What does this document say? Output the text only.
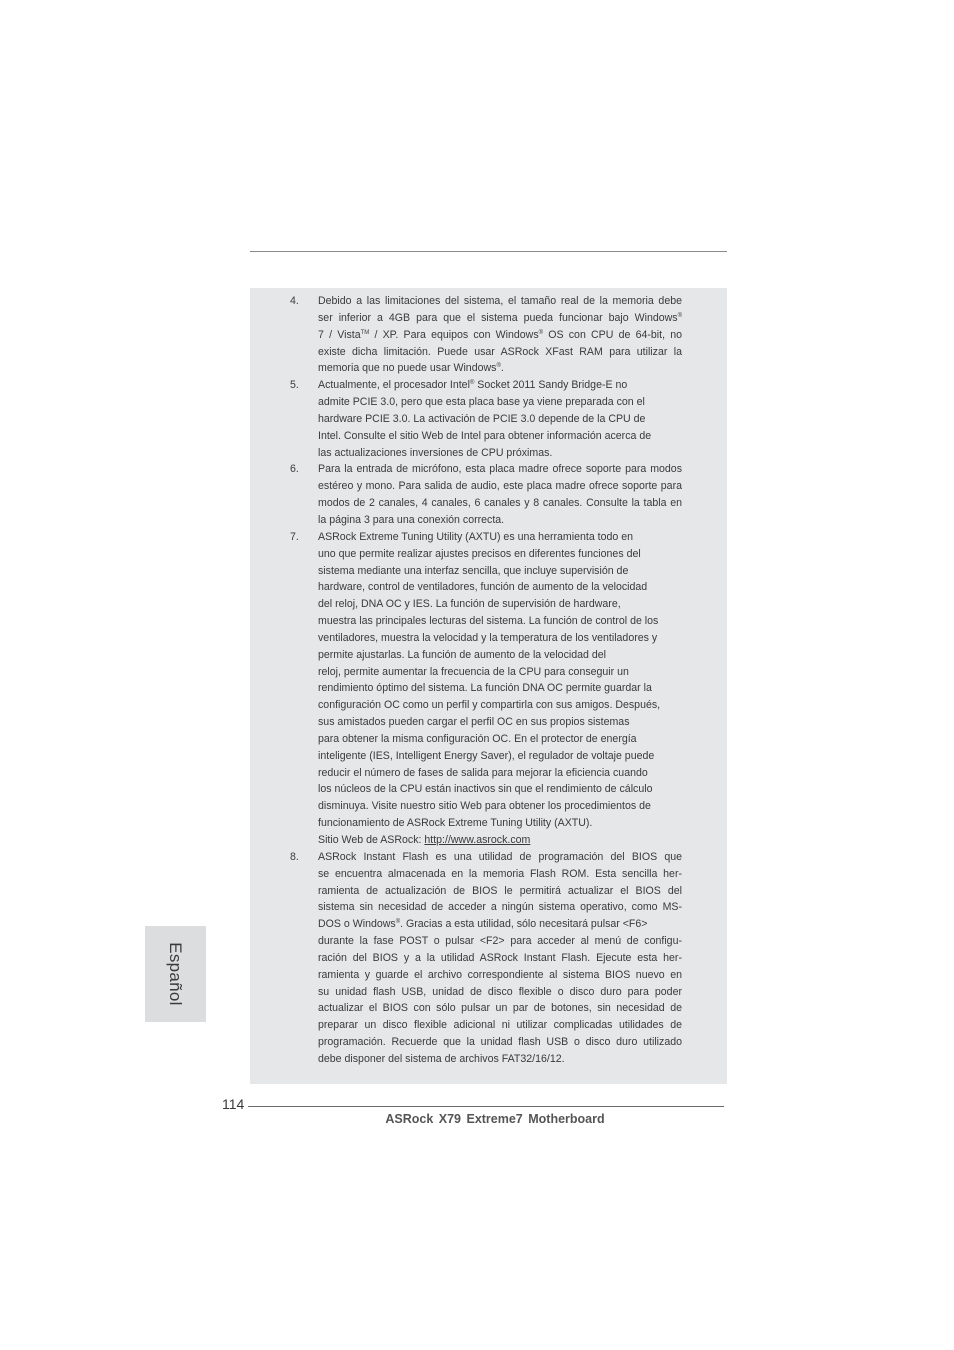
4.	Debido a las limitaciones del sistema, el tamaño real de la memoria debe
ser inferior a 4GB para que el sistema pueda funcionar bajo Windows®
7 / Vista™ / XP. Para equipos con Windows® OS con CPU de 64-bit, no
existe dicha limitación. Puede usar ASRock XFast RAM para utilizar la
memoria que no puede usar Windows®.
5.	Actualmente, el procesador Intel® Socket 2011 Sandy Bridge-E no
admite PCIE 3.0, pero que esta placa base ya viene preparada con el
hardware PCIE 3.0. La activación de PCIE 3.0 depende de la CPU de
Intel. Consulte el sitio Web de Intel para obtener información acerca de
las actualizaciones inversiones de CPU próximas.
6.	Para la entrada de micrófono, esta placa madre ofrece soporte para modos estéreo y mono. Para salida de audio, este placa madre ofrece soporte para modos de 2 canales, 4 canales, 6 canales y 8 canales. Consulte la tabla en la página 3 para una conexión correcta.
7.	ASRock Extreme Tuning Utility (AXTU) es una herramienta todo en
uno que permite realizar ajustes precisos en diferentes funciones del
sistema mediante una interfaz sencilla, que incluye supervisión de
hardware, control de ventiladores, función de aumento de la velocidad
del reloj, DNA OC y IES. La función de supervisión de hardware,
muestra las principales lecturas del sistema. La función de control de los
ventiladores, muestra la velocidad y la temperatura de los ventiladores y
permite ajustarlas. La función de aumento de la velocidad del
reloj, permite aumentar la frecuencia de la CPU para conseguir un
rendimiento óptimo del sistema. La función DNA OC permite guardar la
configuración OC como un perfil y compartirla con sus amigos. Después,
sus amistados pueden cargar el perfil OC en sus propios sistemas
para obtener la misma configuración OC. En el protector de energía
inteligente (IES, Intelligent Energy Saver), el regulador de voltaje puede
reducir el número de fases de salida para mejorar la eficiencia cuando
los núcleos de la CPU están inactivos sin que el rendimiento de cálculo
disminuya. Visite nuestro sitio Web para obtener los procedimientos de
funcionamiento de ASRock Extreme Tuning Utility (AXTU).
Sitio Web de ASRock: http://www.asrock.com
8.	ASRock Instant Flash es una utilidad de programación del BIOS que
se encuentra almacenada en la memoria Flash ROM. Esta sencilla her-
ramienta de actualización de BIOS le permitirá actualizar el BIOS del
sistema sin necesidad de acceder a ningún sistema operativo, como MS-
DOS o Windows®. Gracias a esta utilidad, sólo necesitará pulsar <F6>
durante la fase POST o pulsar <F2> para acceder al menú de configu-
ración del BIOS y a la utilidad ASRock Instant Flash. Ejecute esta her-
ramienta y guarde el archivo correspondiente al sistema BIOS nuevo en
su unidad flash USB, unidad de disco flexible o disco duro para poder
actualizar el BIOS con sólo pulsar un par de botones, sin necesidad de
preparar un disco flexible adicional ni utilizar complicadas utilidades de
programación. Recuerde que la unidad flash USB o disco duro utilizado
debe disponer del sistema de archivos FAT32/16/12.
Español
114
ASRock X79 Extreme7 Motherboard
